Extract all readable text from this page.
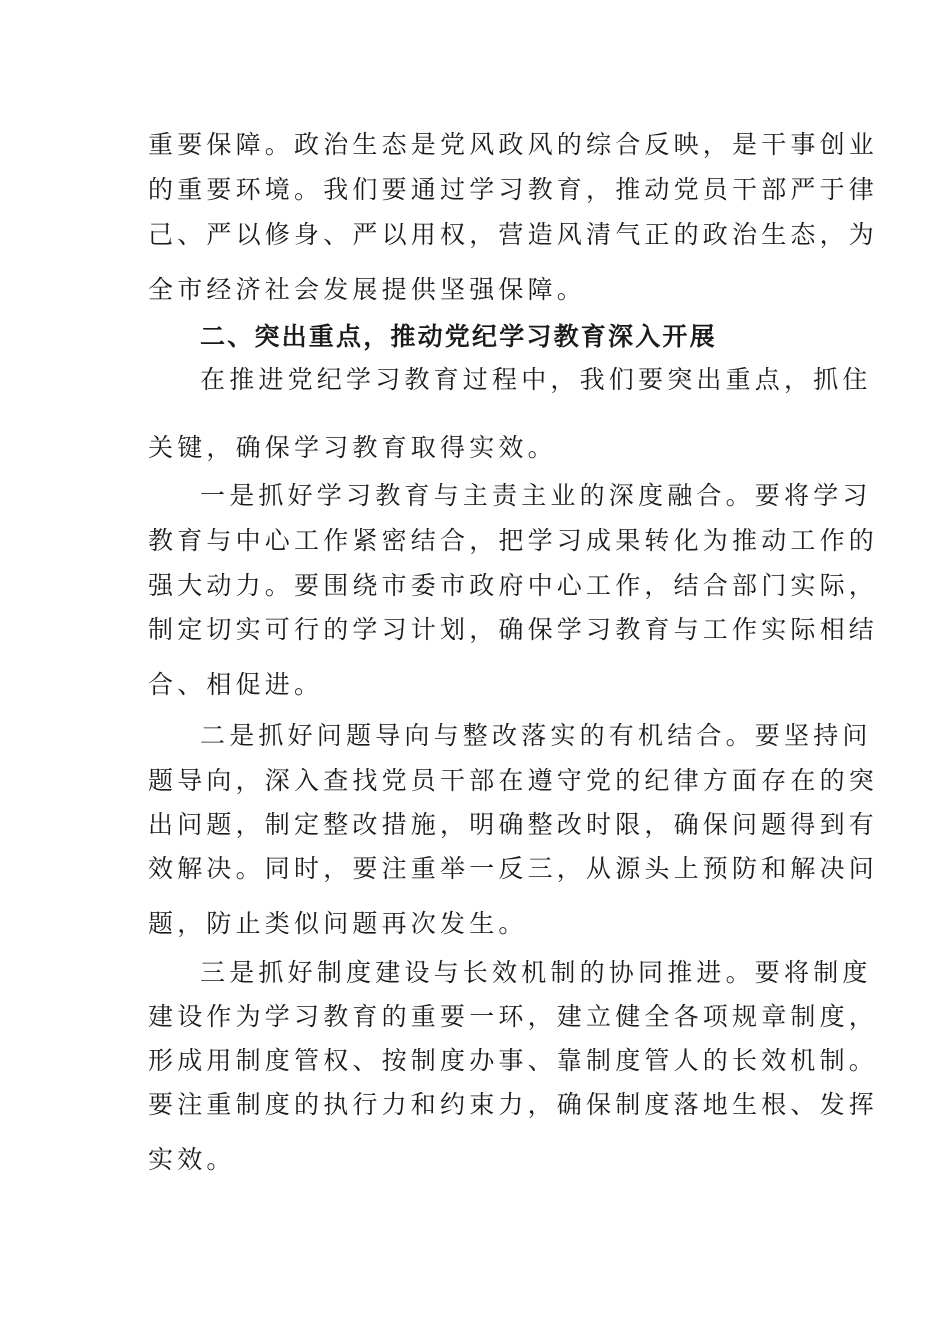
重要保障。政治生态是党风政风的综合反映，是干事创业
的重要环境。我们要通过学习教育，推动党员干部严于律
己、严以修身、严以用权，营造风清气正的政治生态，为
全市经济社会发展提供坚强保障。
二、突出重点，推动党纪学习教育深入开展
在推进党纪学习教育过程中，我们要突出重点，抓住
关键，确保学习教育取得实效。
一是抓好学习教育与主责主业的深度融合。要将学习
教育与中心工作紧密结合，把学习成果转化为推动工作的
强大动力。要围绕市委市政府中心工作，结合部门实际，
制定切实可行的学习计划，确保学习教育与工作实际相结
合、相促进。
二是抓好问题导向与整改落实的有机结合。要坚持问
题导向，深入查找党员干部在遵守党的纪律方面存在的突
出问题，制定整改措施，明确整改时限，确保问题得到有
效解决。同时，要注重举一反三，从源头上预防和解决问
题，防止类似问题再次发生。
三是抓好制度建设与长效机制的协同推进。要将制度
建设作为学习教育的重要一环，建立健全各项规章制度，
形成用制度管权、按制度办事、靠制度管人的长效机制。
要注重制度的执行力和约束力，确保制度落地生根、发挥
实效。
